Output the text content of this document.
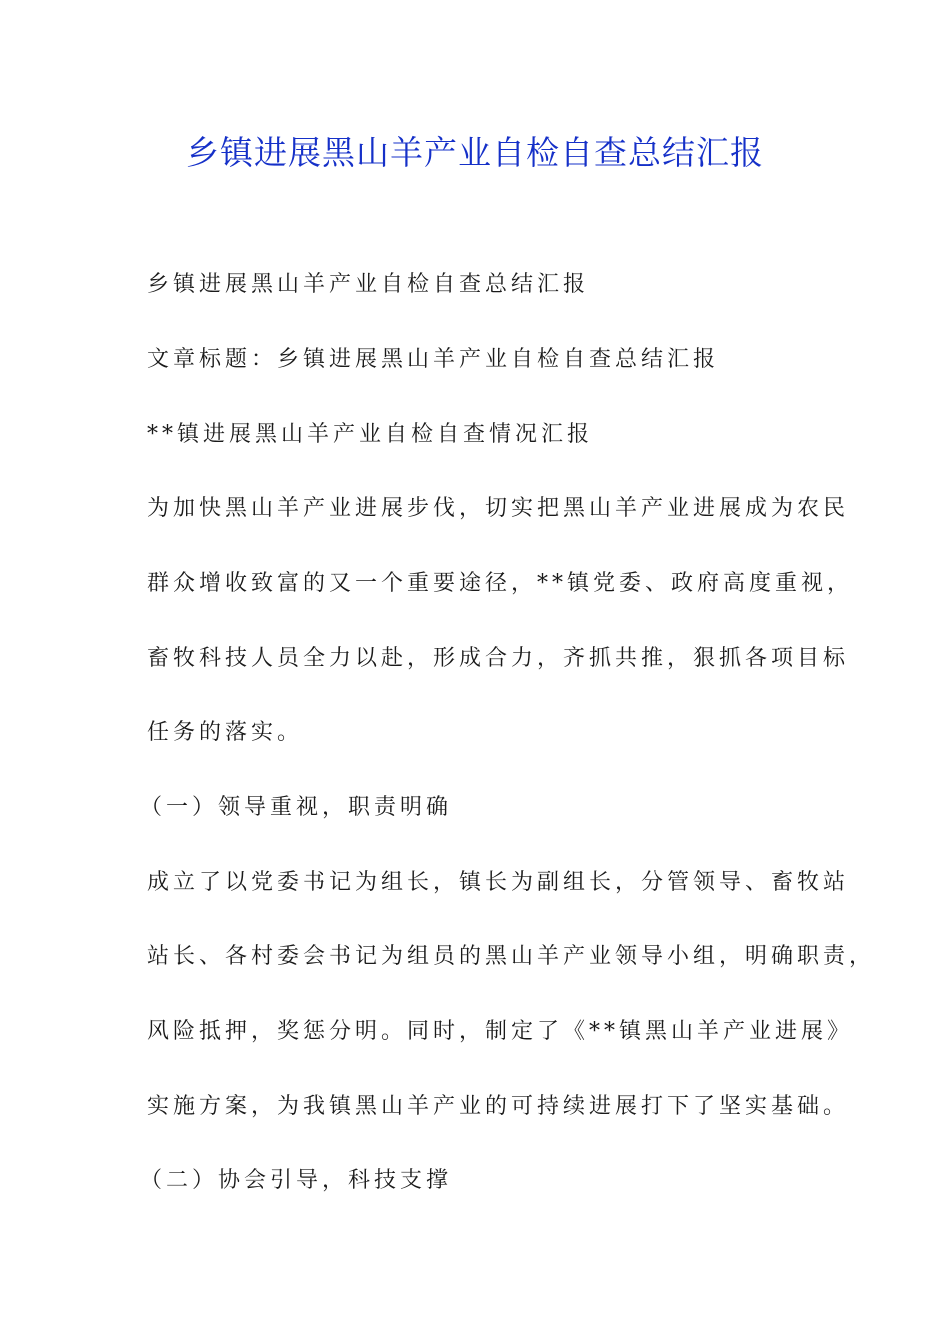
乡镇进展黑山羊产业自检自查总结汇报
乡镇进展黑山羊产业自检自查总结汇报
文章标题：乡镇进展黑山羊产业自检自查总结汇报
**镇进展黑山羊产业自检自查情况汇报
为加快黑山羊产业进展步伐，切实把黑山羊产业进展成为农民
群众增收致富的又一个重要途径，**镇党委、政府高度重视，
畜牧科技人员全力以赴，形成合力，齐抓共推，狠抓各项目标
任务的落实。
（一）领导重视，职责明确
成立了以党委书记为组长，镇长为副组长，分管领导、畜牧站
站长、各村委会书记为组员的黑山羊产业领导小组，明确职责，
风险抵押，奖惩分明。同时，制定了《**镇黑山羊产业进展》
实施方案，为我镇黑山羊产业的可持续进展打下了坚实基础。
（二）协会引导，科技支撑
